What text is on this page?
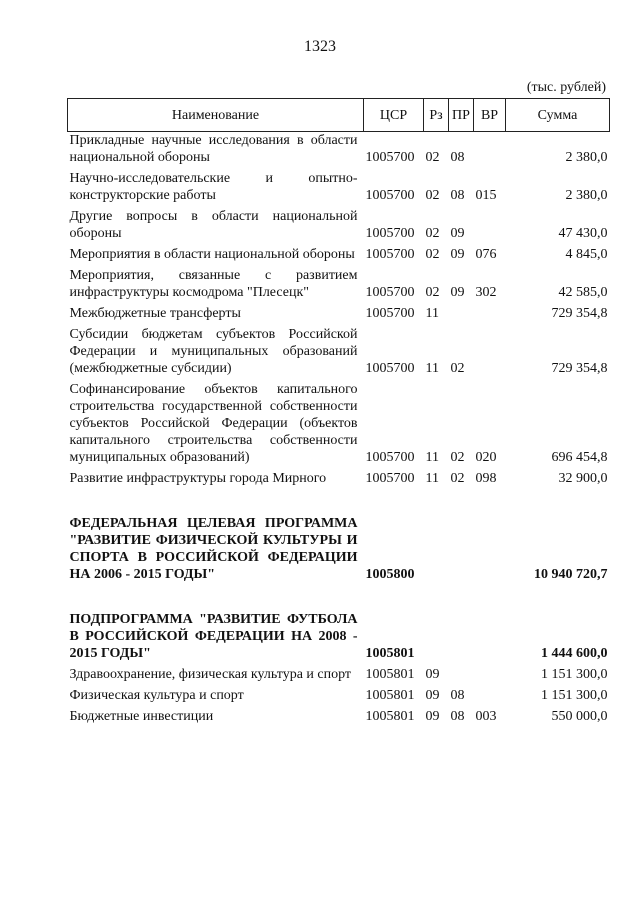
1323
(тыс. рублей)
Наименование	ЦСР	Рз	ПР	ВР	Сумма
Прикладные научные исследования в области национальной обороны	1005700	02	08		2 380,0
Научно-исследовательские и опытно-конструкторские работы	1005700	02	08	015	2 380,0
Другие вопросы в области национальной обороны	1005700	02	09		47 430,0
Мероприятия в области национальной обороны	1005700	02	09	076	4 845,0
Мероприятия, связанные с развитием инфраструктуры космодрома "Плесецк"	1005700	02	09	302	42 585,0
Межбюджетные трансферты	1005700	11			729 354,8
Субсидии бюджетам субъектов Российской Федерации и муниципальных образований (межбюджетные субсидии)	1005700	11	02		729 354,8
Софинансирование объектов капитального строительства государственной собственности субъектов Российской Федерации (объектов капитального строительства собственности муниципальных образований)	1005700	11	02	020	696 454,8
Развитие инфраструктуры города Мирного	1005700	11	02	098	32 900,0

ФЕДЕРАЛЬНАЯ ЦЕЛЕВАЯ ПРОГРАММА "РАЗВИТИЕ ФИЗИЧЕСКОЙ КУЛЬТУРЫ И СПОРТА В РОССИЙСКОЙ ФЕДЕРАЦИИ НА 2006 - 2015 ГОДЫ"	1005800				10 940 720,7

ПОДПРОГРАММА "РАЗВИТИЕ ФУТБОЛА В РОССИЙСКОЙ ФЕДЕРАЦИИ НА 2008 - 2015 ГОДЫ"	1005801				1 444 600,0
Здравоохранение, физическая культура и спорт	1005801	09			1 151 300,0
Физическая культура и спорт	1005801	09	08		1 151 300,0
Бюджетные инвестиции	1005801	09	08	003	550 000,0
